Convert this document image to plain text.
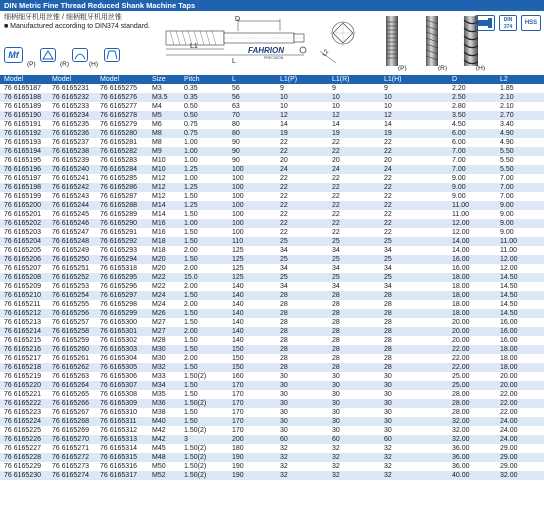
DIN Metric Fine Thread Reduced Shank Machine Taps
细柄细牙机用丝锥 / 细柄粗牙机用丝锥
■ Manufactured according to DIN374 standard.
D
L1
L
FAHRION
PRECISION
L2
(P)	(R)	(H)
DIN
374
HSS
Mf
(P)	(R)	(H)
Model	Model	Model	Size	Pitch	L	L1(P)	L1(R)	L1(H)	D	L2
76 6165187	76 6165231	76 6165275	M3	0.35	56	9	9	9	2.20	1.85
76 6165188	76 6165232	76 6165276	M3.5	0.35	56	10	10	10	2.50	2.10
76 6165189	76 6165233	76 6165277	M4	0.50	63	10	10	10	2.80	2.10
76 6165190	76 6165234	76 6165278	M5	0.50	70	12	12	12	3.50	2.70
76 6165191	76 6165235	76 6165279	M6	0.75	80	14	14	14	4.50	3.40
76 6165192	76 6165236	76 6165280	M8	0.75	80	19	19	19	6.00	4.90
76 6165193	76 6165237	76 6165281	M8	1.00	90	22	22	22	6.00	4.90
76 6165194	76 6165238	76 6165282	M9	1.00	90	22	22	22	7.00	5.50
76 6165195	76 6165239	76 6165283	M10	1.00	90	20	20	20	7.00	5.50
76 6165196	76 6165240	76 6165284	M10	1.25	100	24	24	24	7.00	5.50
76 6165197	76 6165241	76 6165285	M12	1.00	100	22	22	22	9.00	7.00
76 6165198	76 6165242	76 6165286	M12	1.25	100	22	22	22	9.00	7.00
76 6165199	76 6165243	76 6165287	M12	1.50	100	22	22	22	9.00	7.00
76 6165200	76 6165244	76 6165288	M14	1.25	100	22	22	22	11.00	9.00
76 6165201	76 6165245	76 6165289	M14	1.50	100	22	22	22	11.00	9.00
76 6165202	76 6165246	76 6165290	M16	1.00	100	22	22	22	12.00	9.00
76 6165203	76 6165247	76 6165291	M16	1.50	100	22	22	22	12.00	9.00
76 6165204	76 6165248	76 6165292	M18	1.50	110	25	25	25	14.00	11.00
76 6165205	76 6165249	76 6165293	M18	2.00	125	34	34	34	14.00	11.00
76 6165206	76 6165250	76 6165294	M20	1.50	125	25	25	25	16.00	12.00
76 6165207	76 6165251	76 6165318	M20	2.00	125	34	34	34	16.00	12.00
76 6165208	76 6165252	76 6165295	M22	15.0	125	25	25	25	18.00	14.50
76 6165209	76 6165253	76 6165296	M22	2.00	140	34	34	34	18.00	14.50
76 6165210	76 6165254	76 6165297	M24	1.50	140	28	28	28	18.00	14.50
76 6165211	76 6165255	76 6165298	M24	2.00	140	28	28	28	18.00	14.50
76 6165212	76 6165256	76 6165299	M26	1.50	140	28	28	28	18.00	14.50
76 6165213	76 6165257	76 6165300	M27	1.50	140	28	28	28	20.00	16.00
76 6165214	76 6165258	76 6165301	M27	2.00	140	28	28	28	20.00	16.00
76 6165215	76 6165259	76 6165302	M28	1.50	140	28	28	28	20.00	16.00
76 6165216	76 6165260	76 6165303	M30	1.50	150	28	28	28	22.00	18.00
76 6165217	76 6165261	76 6165304	M30	2.00	150	28	28	28	22.00	18.00
76 6165218	76 6165262	76 6165305	M32	1.50	150	28	28	28	22.00	18.00
76 6165219	76 6165263	76 6165306	M33	1.50(2)	160	30	30	30	25.00	20.00
76 6165220	76 6165264	76 6165307	M34	1.50	170	30	30	30	25.00	20.00
76 6165221	76 6165265	76 6165308	M35	1.50	170	30	30	30	28.00	22.00
76 6165222	76 6165266	76 6165309	M36	1.50(2)	170	30	30	30	28.00	22.00
76 6165223	76 6165267	76 6165310	M38	1.50	170	30	30	30	28.00	22.00
76 6165224	76 6165268	76 6165311	M40	1.50	170	30	30	30	32.00	24.00
76 6165225	76 6165269	76 6165312	M42	1.50(2)	170	30	30	30	32.00	24.00
76 6165226	76 6165270	76 6165313	M42	3	200	60	60	60	32.00	24.00
76 6165227	76 6165271	76 6165314	M45	1.50(2)	180	32	32	32	36.00	29.00
76 6165228	76 6165272	76 6165315	M48	1.50(2)	190	32	32	32	36.00	29.00
76 6165229	76 6165273	76 6165316	M50	1.50(2)	190	32	32	32	36.00	29.00
76 6165230	76 6165274	76 6165317	M52	1.50(2)	190	32	32	32	40.00	32.00
